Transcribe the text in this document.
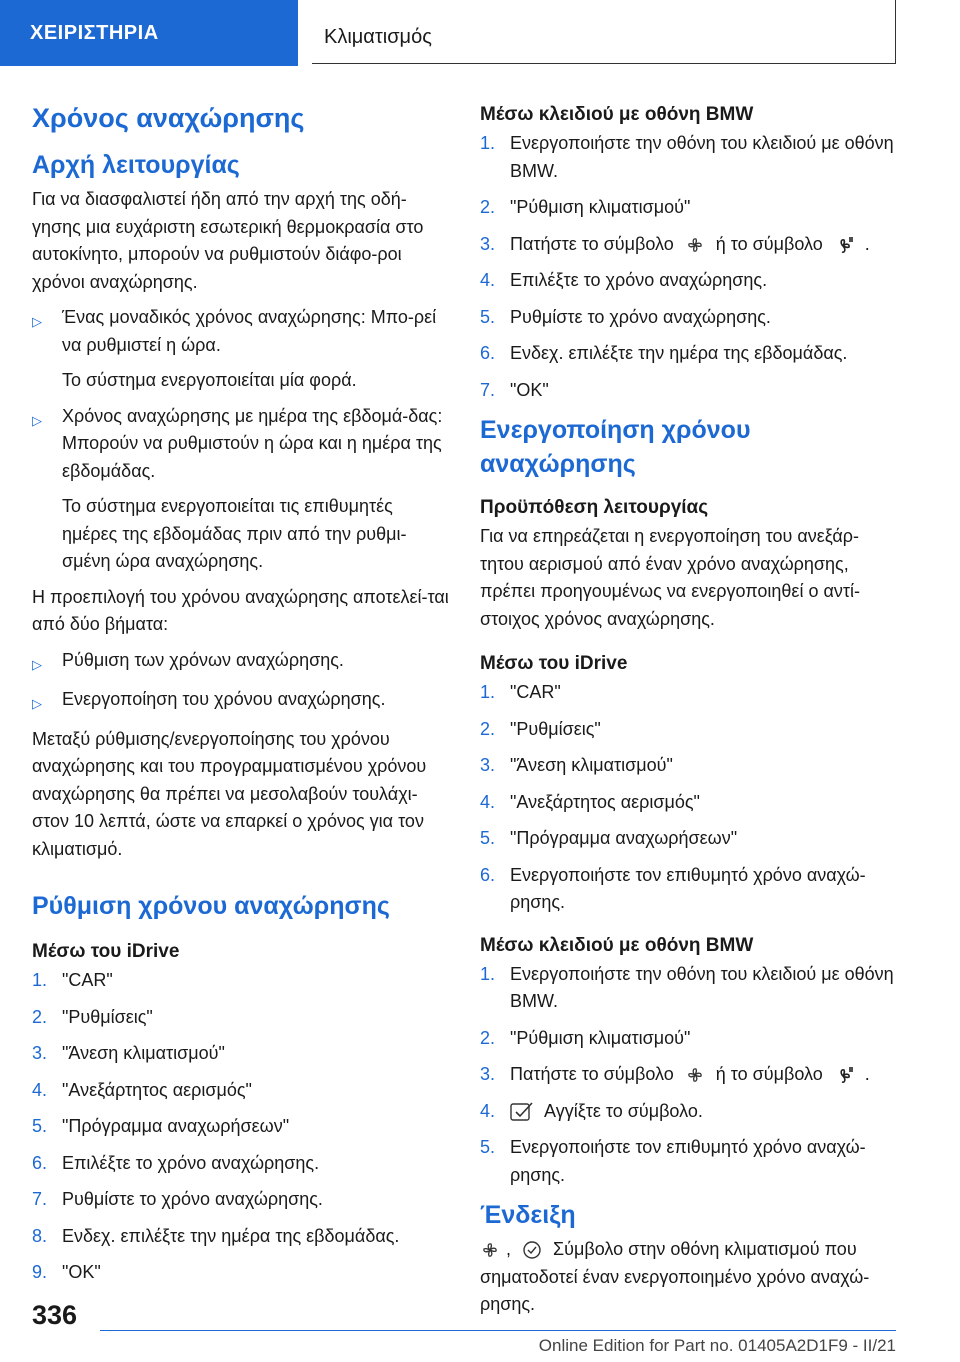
ΧΕΙΡΙΣΤΗΡΙΑ	Κλιματισμός
Χρόνος αναχώρησης
Αρχή λειτουργίας

Για να διασφαλιστεί ήδη από την αρχή της οδή-γησης μια ευχάριστη εσωτερική θερμοκρασία στο αυτοκίνητο, μπορούν να ρυθμιστούν διάφο-ροι χρόνοι αναχώρησης.

▷	Ένας μοναδικός χρόνος αναχώρησης: Μπο-ρεί να ρυθμιστεί η ώρα.
Το σύστημα ενεργοποιείται μία φορά.
▷	Χρόνος αναχώρησης με ημέρα της εβδομά-δας: Μπορούν να ρυθμιστούν η ώρα και η ημέρα της εβδομάδας.
Το σύστημα ενεργοποιείται τις επιθυμητές ημέρες της εβδομάδας πριν από την ρυθμι-σμένη ώρα αναχώρησης.

Η προεπιλογή του χρόνου αναχώρησης αποτελεί-ται από δύο βήματα:

▷	Ρύθμιση των χρόνων αναχώρησης.
▷	Ενεργοποίηση του χρόνου αναχώρησης.

Μεταξύ ρύθμισης/ενεργοποίησης του χρόνου αναχώρησης και του προγραμματισμένου χρόνου αναχώρησης θα πρέπει να μεσολαβούν τουλάχι-στον 10 λεπτά, ώστε να επαρκεί ο χρόνος για τον κλιματισμό.

Ρύθμιση χρόνου αναχώρησης
Μέσω του iDrive
1. "CAR"
2. "Ρυθμίσεις"
3. "Άνεση κλιματισμού"
4. "Ανεξάρτητος αερισμός"
5. "Πρόγραμμα αναχωρήσεων"
6. Επιλέξτε το χρόνο αναχώρησης.
7. Ρυθμίστε το χρόνο αναχώρησης.
8. Ενδεχ. επιλέξτε την ημέρα της εβδομάδας.
9. "OK"
Μέσω κλειδιού με οθόνη BMW
1. Ενεργοποιήστε την οθόνη του κλειδιού με οθόνη BMW.
2. "Ρύθμιση κλιματισμού"
3. Πατήστε το σύμβολο ή το σύμβολο .
4. Επιλέξτε το χρόνο αναχώρησης.
5. Ρυθμίστε το χρόνο αναχώρησης.
6. Ενδεχ. επιλέξτε την ημέρα της εβδομάδας.
7. "OK"
Ενεργοποίηση χρόνου αναχώρησης
Προϋπόθεση λειτουργίας

Για να επηρεάζεται η ενεργοποίηση του ανεξάρ-τητου αερισμού από έναν χρόνο αναχώρησης, πρέπει προηγουμένως να ενεργοποιηθεί ο αντί-στοιχος χρόνος αναχώρησης.

Μέσω του iDrive
1. "CAR"
2. "Ρυθμίσεις"
3. "Άνεση κλιματισμού"
4. "Ανεξάρτητος αερισμός"
5. "Πρόγραμμα αναχωρήσεων"
6. Ενεργοποιήστε τον επιθυμητό χρόνο αναχώ-ρησης.
Μέσω κλειδιού με οθόνη BMW
1. Ενεργοποιήστε την οθόνη του κλειδιού με οθόνη BMW.
2. "Ρύθμιση κλιματισμού"
3. Πατήστε το σύμβολο ή το σύμβολο .
4.	Αγγίξτε το σύμβολο.
5. Ενεργοποιήστε τον επιθυμητό χρόνο αναχώ-ρησης.
Ένδειξη

, Σύμβολο στην οθόνη κλιματισμού που σηματοδοτεί έναν ενεργοποιημένο χρόνο αναχώ-ρησης.

336
Online Edition for Part no. 01405A2D1F9 - II/21
